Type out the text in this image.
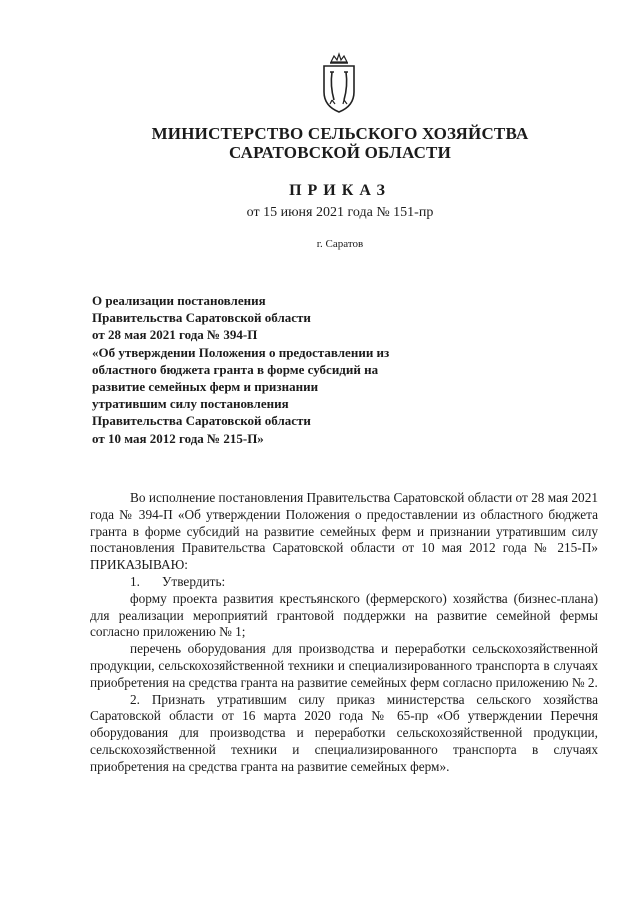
МИНИСТЕРСТВО СЕЛЬСКОГО ХОЗЯЙСТВА
САРАТОВСКОЙ ОБЛАСТИ
ПРИКАЗ
от 15 июня 2021 года № 151-пр
г. Саратов
О реализации постановления
Правительства Саратовской области
от 28 мая 2021 года № 394-П
«Об утверждении Положения о предоставлении из
областного бюджета гранта в форме субсидий на
развитие семейных ферм и признании
утратившим силу постановления
Правительства Саратовской области
от 10 мая 2012 года № 215-П»

Во исполнение постановления Правительства Саратовской области от 28 мая 2021 года № 394-П «Об утверждении Положения о предоставлении из областного бюджета гранта в форме субсидий на развитие семейных ферм и признании утратившим силу постановления Правительства Саратовской области от 10 мая 2012 года № 215-П» ПРИКАЗЫВАЮ:

1. Утвердить:

форму проекта развития крестьянского (фермерского) хозяйства (бизнес-плана) для реализации мероприятий грантовой поддержки на развитие семейной фермы согласно приложению № 1;

перечень оборудования для производства и переработки сельскохозяйственной продукции, сельскохозяйственной техники и специализированного транспорта в случаях приобретения на средства гранта на развитие семейных ферм согласно приложению № 2.

2. Признать утратившим силу приказ министерства сельского хозяйства Саратовской области от 16 марта 2020 года № 65-пр «Об утверждении Перечня оборудования для производства и переработки сельскохозяйственной продукции, сельскохозяйственной техники и специализированного транспорта в случаях приобретения на средства гранта на развитие семейных ферм».
